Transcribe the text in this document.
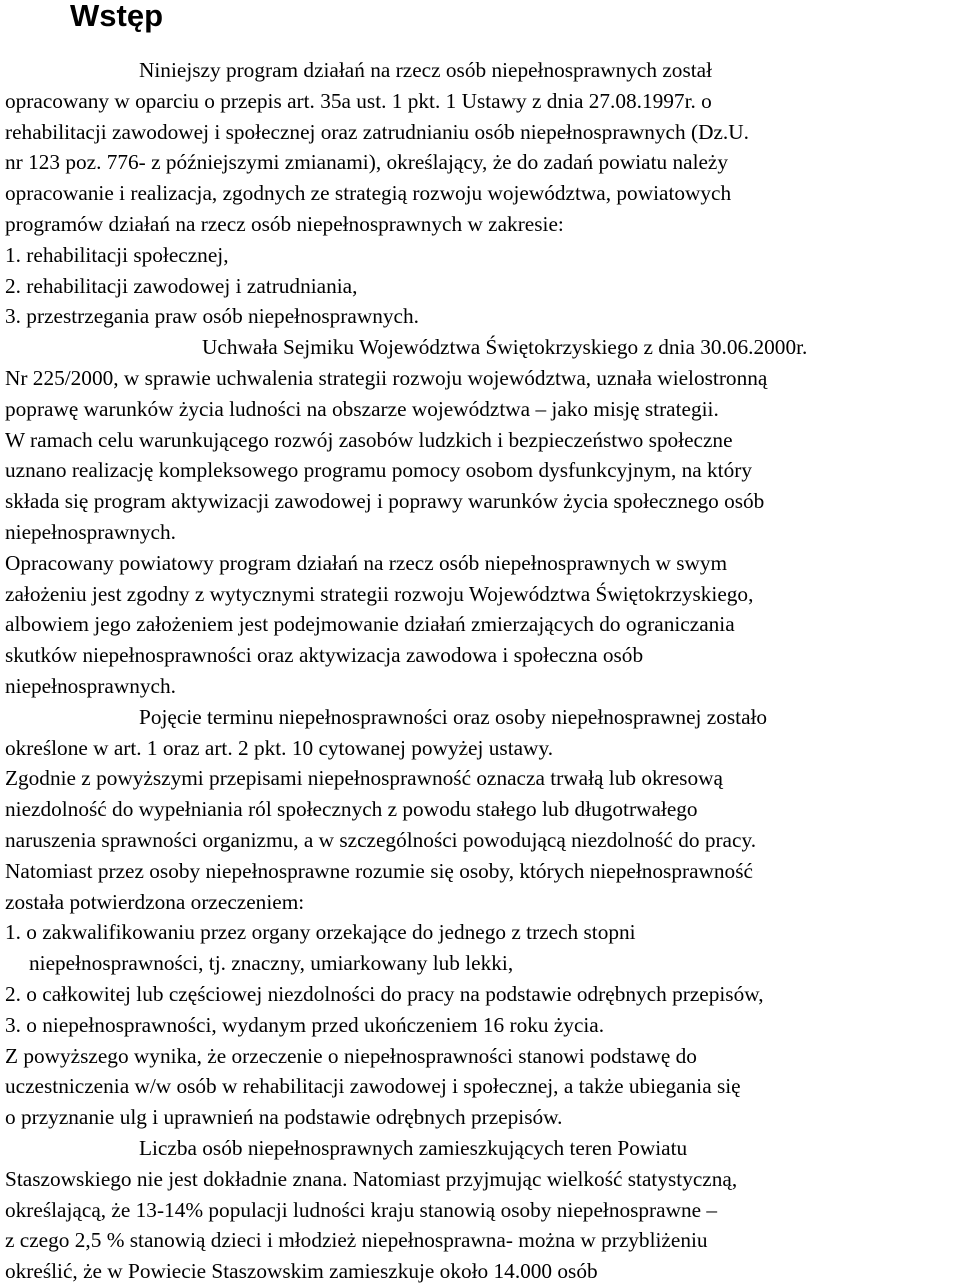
Wstęp

Niniejszy program działań na rzecz osób niepełnosprawnych został

opracowany w oparciu o przepis art. 35a ust. 1 pkt. 1 Ustawy z dnia 27.08.1997r. o

rehabilitacji zawodowej i społecznej oraz zatrudnianiu osób niepełnosprawnych (Dz.U.

nr 123 poz. 776- z późniejszymi zmianami), określający, że do zadań powiatu należy

opracowanie i realizacja, zgodnych ze strategią rozwoju województwa, powiatowych

programów działań na rzecz osób niepełnosprawnych w zakresie:

1. rehabilitacji społecznej,

2. rehabilitacji zawodowej i zatrudniania,

3. przestrzegania praw osób niepełnosprawnych.

Uchwała Sejmiku Województwa Świętokrzyskiego z dnia 30.06.2000r.

Nr 225/2000, w sprawie uchwalenia strategii rozwoju województwa, uznała wielostronną

poprawę warunków życia ludności na obszarze województwa – jako misję strategii.

W ramach celu warunkującego rozwój zasobów ludzkich i bezpieczeństwo społeczne

uznano realizację kompleksowego programu pomocy osobom dysfunkcyjnym, na który

składa się program aktywizacji zawodowej i poprawy warunków życia społecznego osób

niepełnosprawnych.

Opracowany powiatowy program działań na rzecz osób niepełnosprawnych w swym

założeniu jest zgodny z wytycznymi strategii rozwoju Województwa Świętokrzyskiego,

albowiem jego założeniem jest podejmowanie działań zmierzających do ograniczania

skutków niepełnosprawności oraz aktywizacja zawodowa i społeczna osób

niepełnosprawnych.

Pojęcie terminu niepełnosprawności oraz osoby niepełnosprawnej zostało

określone w art. 1 oraz art. 2 pkt. 10 cytowanej powyżej ustawy.

Zgodnie z powyższymi przepisami niepełnosprawność oznacza trwałą lub okresową

niezdolność do wypełniania ról społecznych z powodu stałego lub długotrwałego

naruszenia sprawności organizmu, a w szczególności powodującą niezdolność do pracy.

Natomiast przez osoby niepełnosprawne rozumie się osoby, których niepełnosprawność

została potwierdzona orzeczeniem:

1. o zakwalifikowaniu przez organy orzekające do jednego z trzech stopni

niepełnosprawności, tj. znaczny, umiarkowany lub lekki,

2. o całkowitej lub częściowej niezdolności do pracy na podstawie odrębnych przepisów,

3. o niepełnosprawności, wydanym przed ukończeniem 16 roku życia.

Z powyższego wynika, że orzeczenie o niepełnosprawności stanowi podstawę do

uczestniczenia w/w osób w rehabilitacji zawodowej i społecznej, a także ubiegania się

o przyznanie ulg i uprawnień na podstawie odrębnych przepisów.

Liczba osób niepełnosprawnych zamieszkujących teren Powiatu

Staszowskiego nie jest dokładnie znana. Natomiast przyjmując wielkość statystyczną,

określającą, że 13-14% populacji ludności kraju stanowią osoby niepełnosprawne –

z czego 2,5 % stanowią dzieci i młodzież niepełnosprawna- można w przybliżeniu

określić, że w Powiecie Staszowskim zamieszkuje około 14.000 osób
